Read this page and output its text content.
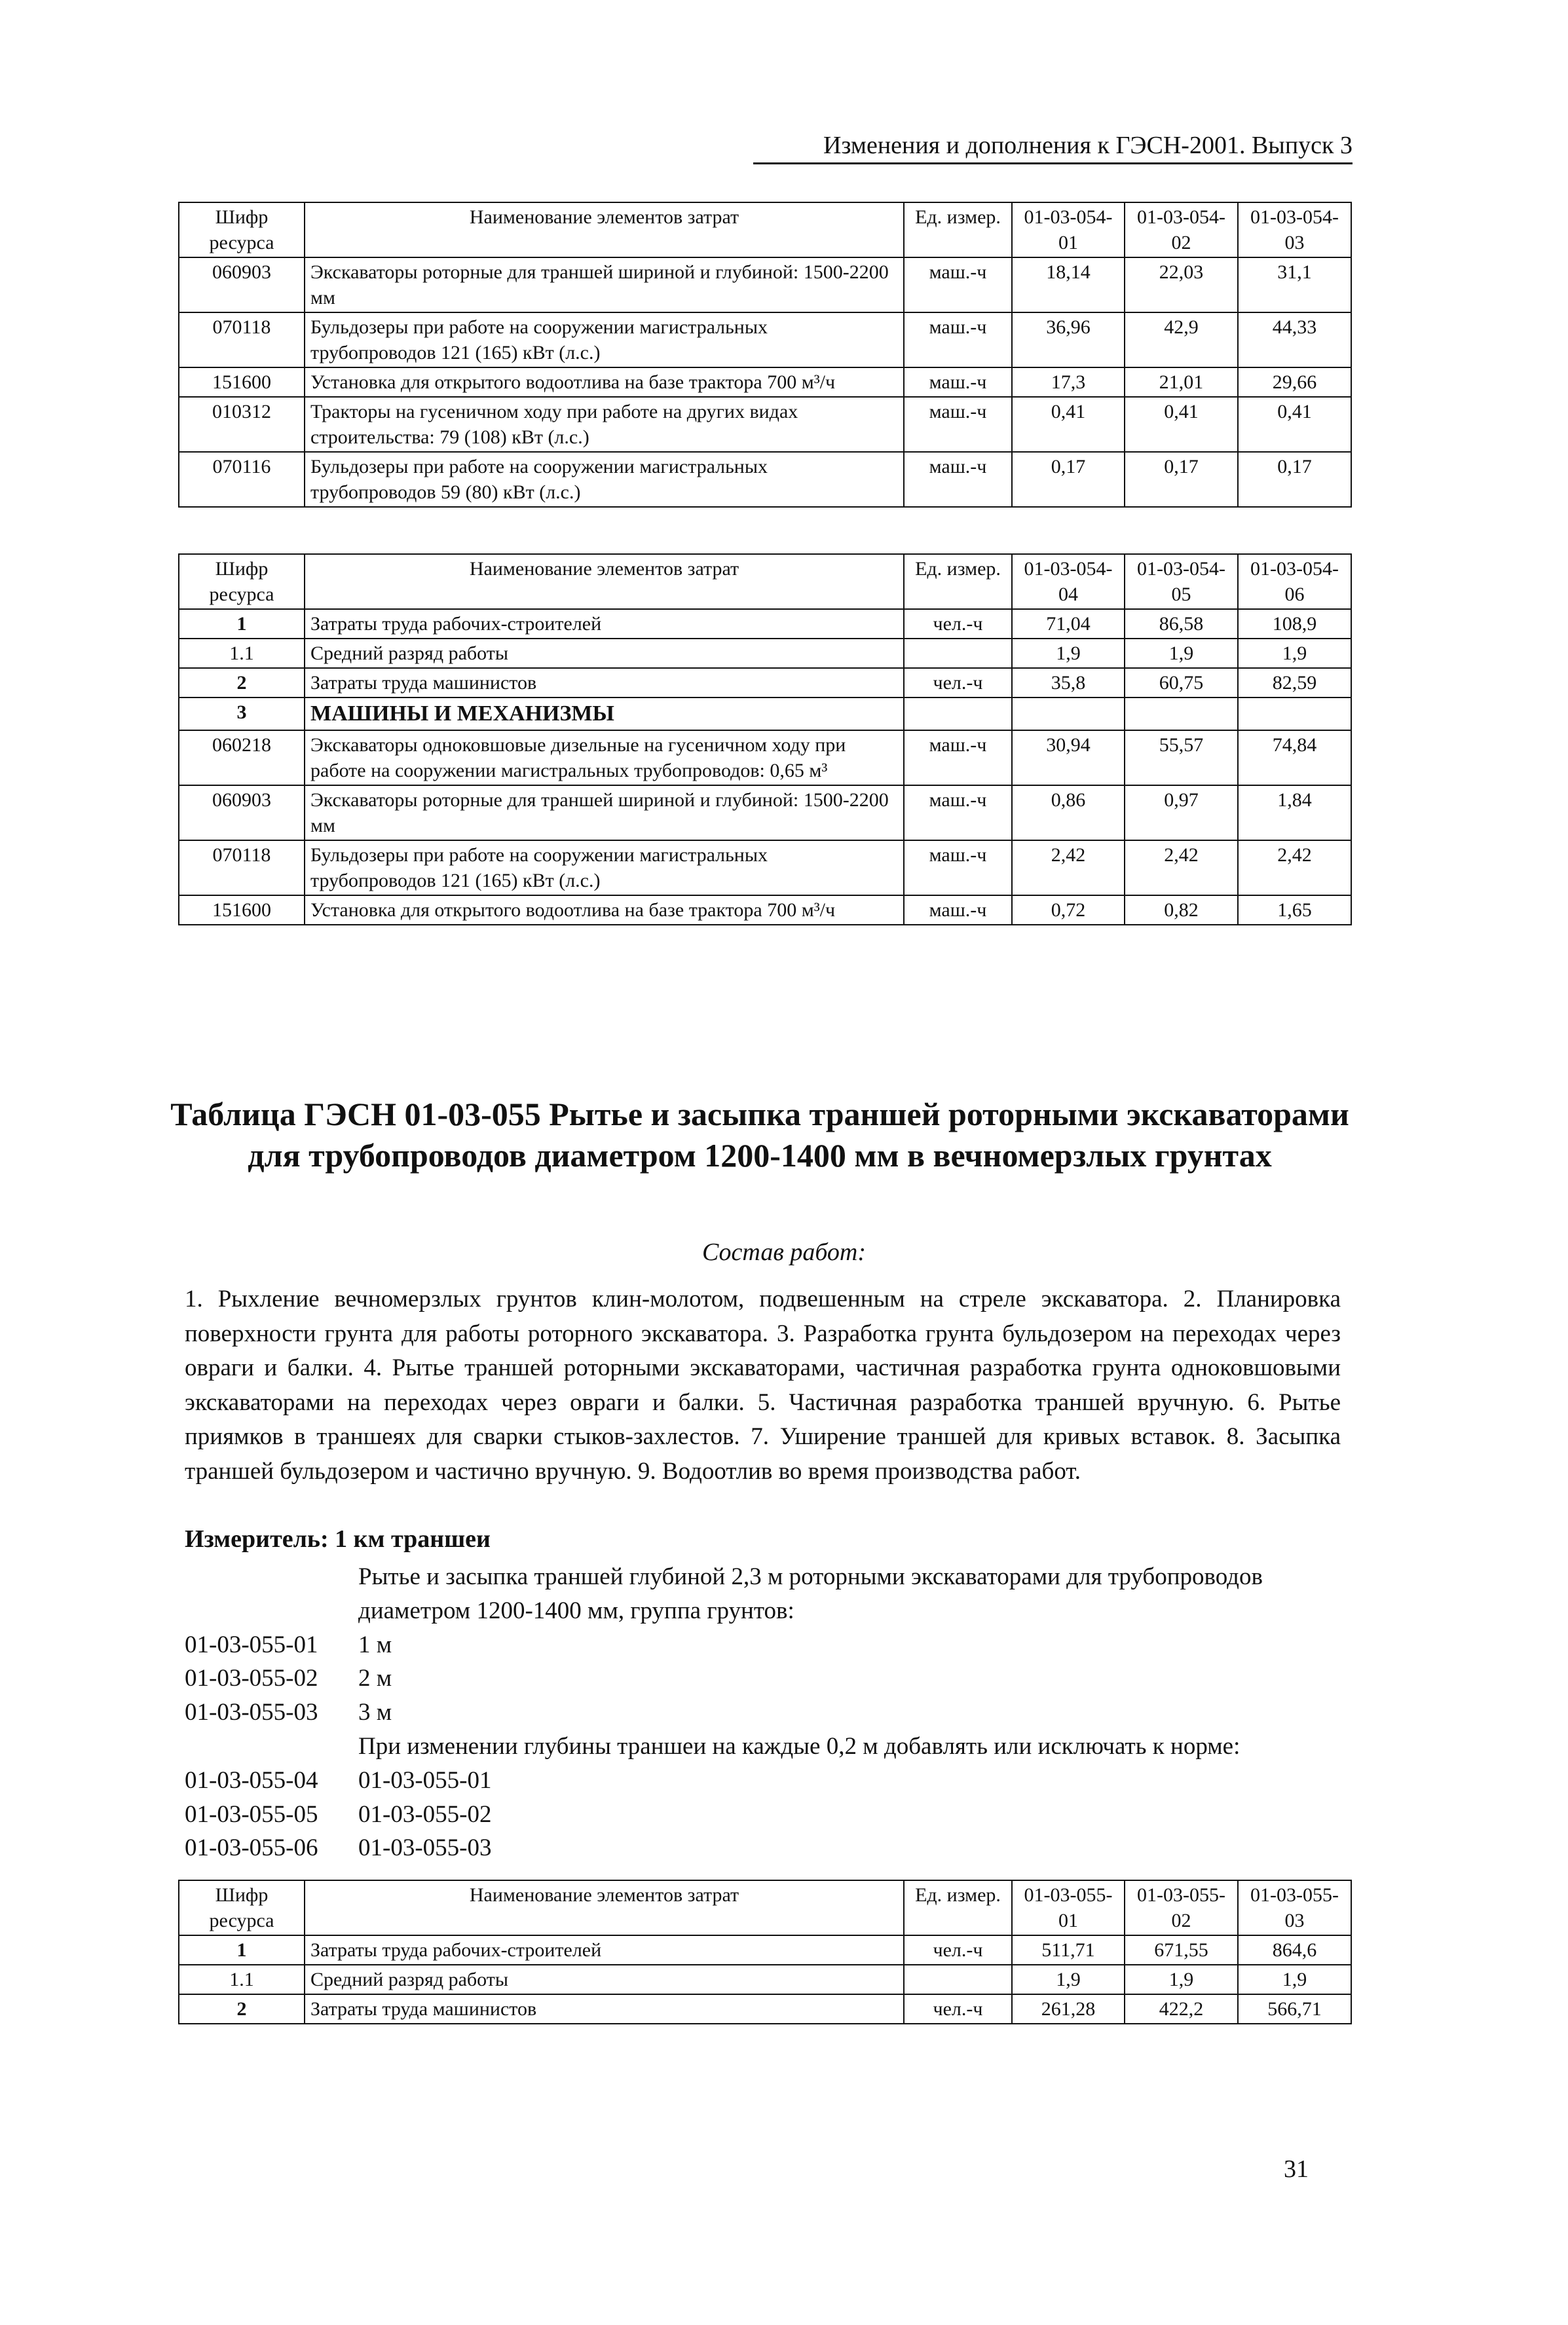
Изменения и дополнения к ГЭСН-2001. Выпуск 3
Шифр ресурса	Наименование элементов затрат	Ед. измер.	01-03-054-01	01-03-054-02	01-03-054-03
060903	Экскаваторы роторные для траншей шириной и глубиной: 1500-2200 мм	маш.-ч	18,14	22,03	31,1
070118	Бульдозеры при работе на сооружении магистральных трубопроводов 121 (165) кВт (л.с.)	маш.-ч	36,96	42,9	44,33
151600	Установка для открытого водоотлива на базе трактора 700 м³/ч	маш.-ч	17,3	21,01	29,66
010312	Тракторы на гусеничном ходу при работе на других видах строительства: 79 (108) кВт (л.с.)	маш.-ч	0,41	0,41	0,41
070116	Бульдозеры при работе на сооружении магистральных трубопроводов 59 (80) кВт (л.с.)	маш.-ч	0,17	0,17	0,17
Шифр ресурса	Наименование элементов затрат	Ед. измер.	01-03-054-04	01-03-054-05	01-03-054-06
1	Затраты труда рабочих-строителей	чел.-ч	71,04	86,58	108,9
1.1	Средний разряд работы		1,9	1,9	1,9
2	Затраты труда машинистов	чел.-ч	35,8	60,75	82,59
3	МАШИНЫ И МЕХАНИЗМЫ				
060218	Экскаваторы одноковшовые дизельные на гусеничном ходу при работе на сооружении магистральных трубопроводов: 0,65 м³	маш.-ч	30,94	55,57	74,84
060903	Экскаваторы роторные для траншей шириной и глубиной: 1500-2200 мм	маш.-ч	0,86	0,97	1,84
070118	Бульдозеры при работе на сооружении магистральных трубопроводов 121 (165) кВт (л.с.)	маш.-ч	2,42	2,42	2,42
151600	Установка для открытого водоотлива на базе трактора 700 м³/ч	маш.-ч	0,72	0,82	1,65
Таблица ГЭСН 01-03-055 Рытье и засыпка траншей роторными экскаваторами для трубопроводов диаметром 1200-1400 мм в вечномерзлых грунтах
Состав работ:
1. Рыхление вечномерзлых грунтов клин-молотом, подвешенным на стреле экскаватора. 2. Планировка поверхности грунта для работы роторного экскаватора. 3. Разработка грунта бульдозером на переходах через овраги и балки. 4. Рытье траншей роторными экскаваторами, частичная разработка грунта одноковшовыми экскаваторами на переходах через овраги и балки. 5. Частичная разработка траншей вручную. 6. Рытье приямков в траншеях для сварки стыков-захлестов. 7. Уширение траншей для кривых вставок. 8. Засыпка траншей бульдозером и частично вручную. 9. Водоотлив во время производства работ.
Измеритель: 1 км траншеи
Рытье и засыпка траншей глубиной 2,3 м роторными экскаваторами для трубопроводов диаметром 1200-1400 мм, группа грунтов:
01-03-055-01	1 м
01-03-055-02	2 м
01-03-055-03	3 м
При изменении глубины траншеи на каждые 0,2 м добавлять или исключать к норме:
01-03-055-04	01-03-055-01
01-03-055-05	01-03-055-02
01-03-055-06	01-03-055-03
Шифр ресурса	Наименование элементов затрат	Ед. измер.	01-03-055-01	01-03-055-02	01-03-055-03
1	Затраты труда рабочих-строителей	чел.-ч	511,71	671,55	864,6
1.1	Средний разряд работы		1,9	1,9	1,9
2	Затраты труда машинистов	чел.-ч	261,28	422,2	566,71
31
